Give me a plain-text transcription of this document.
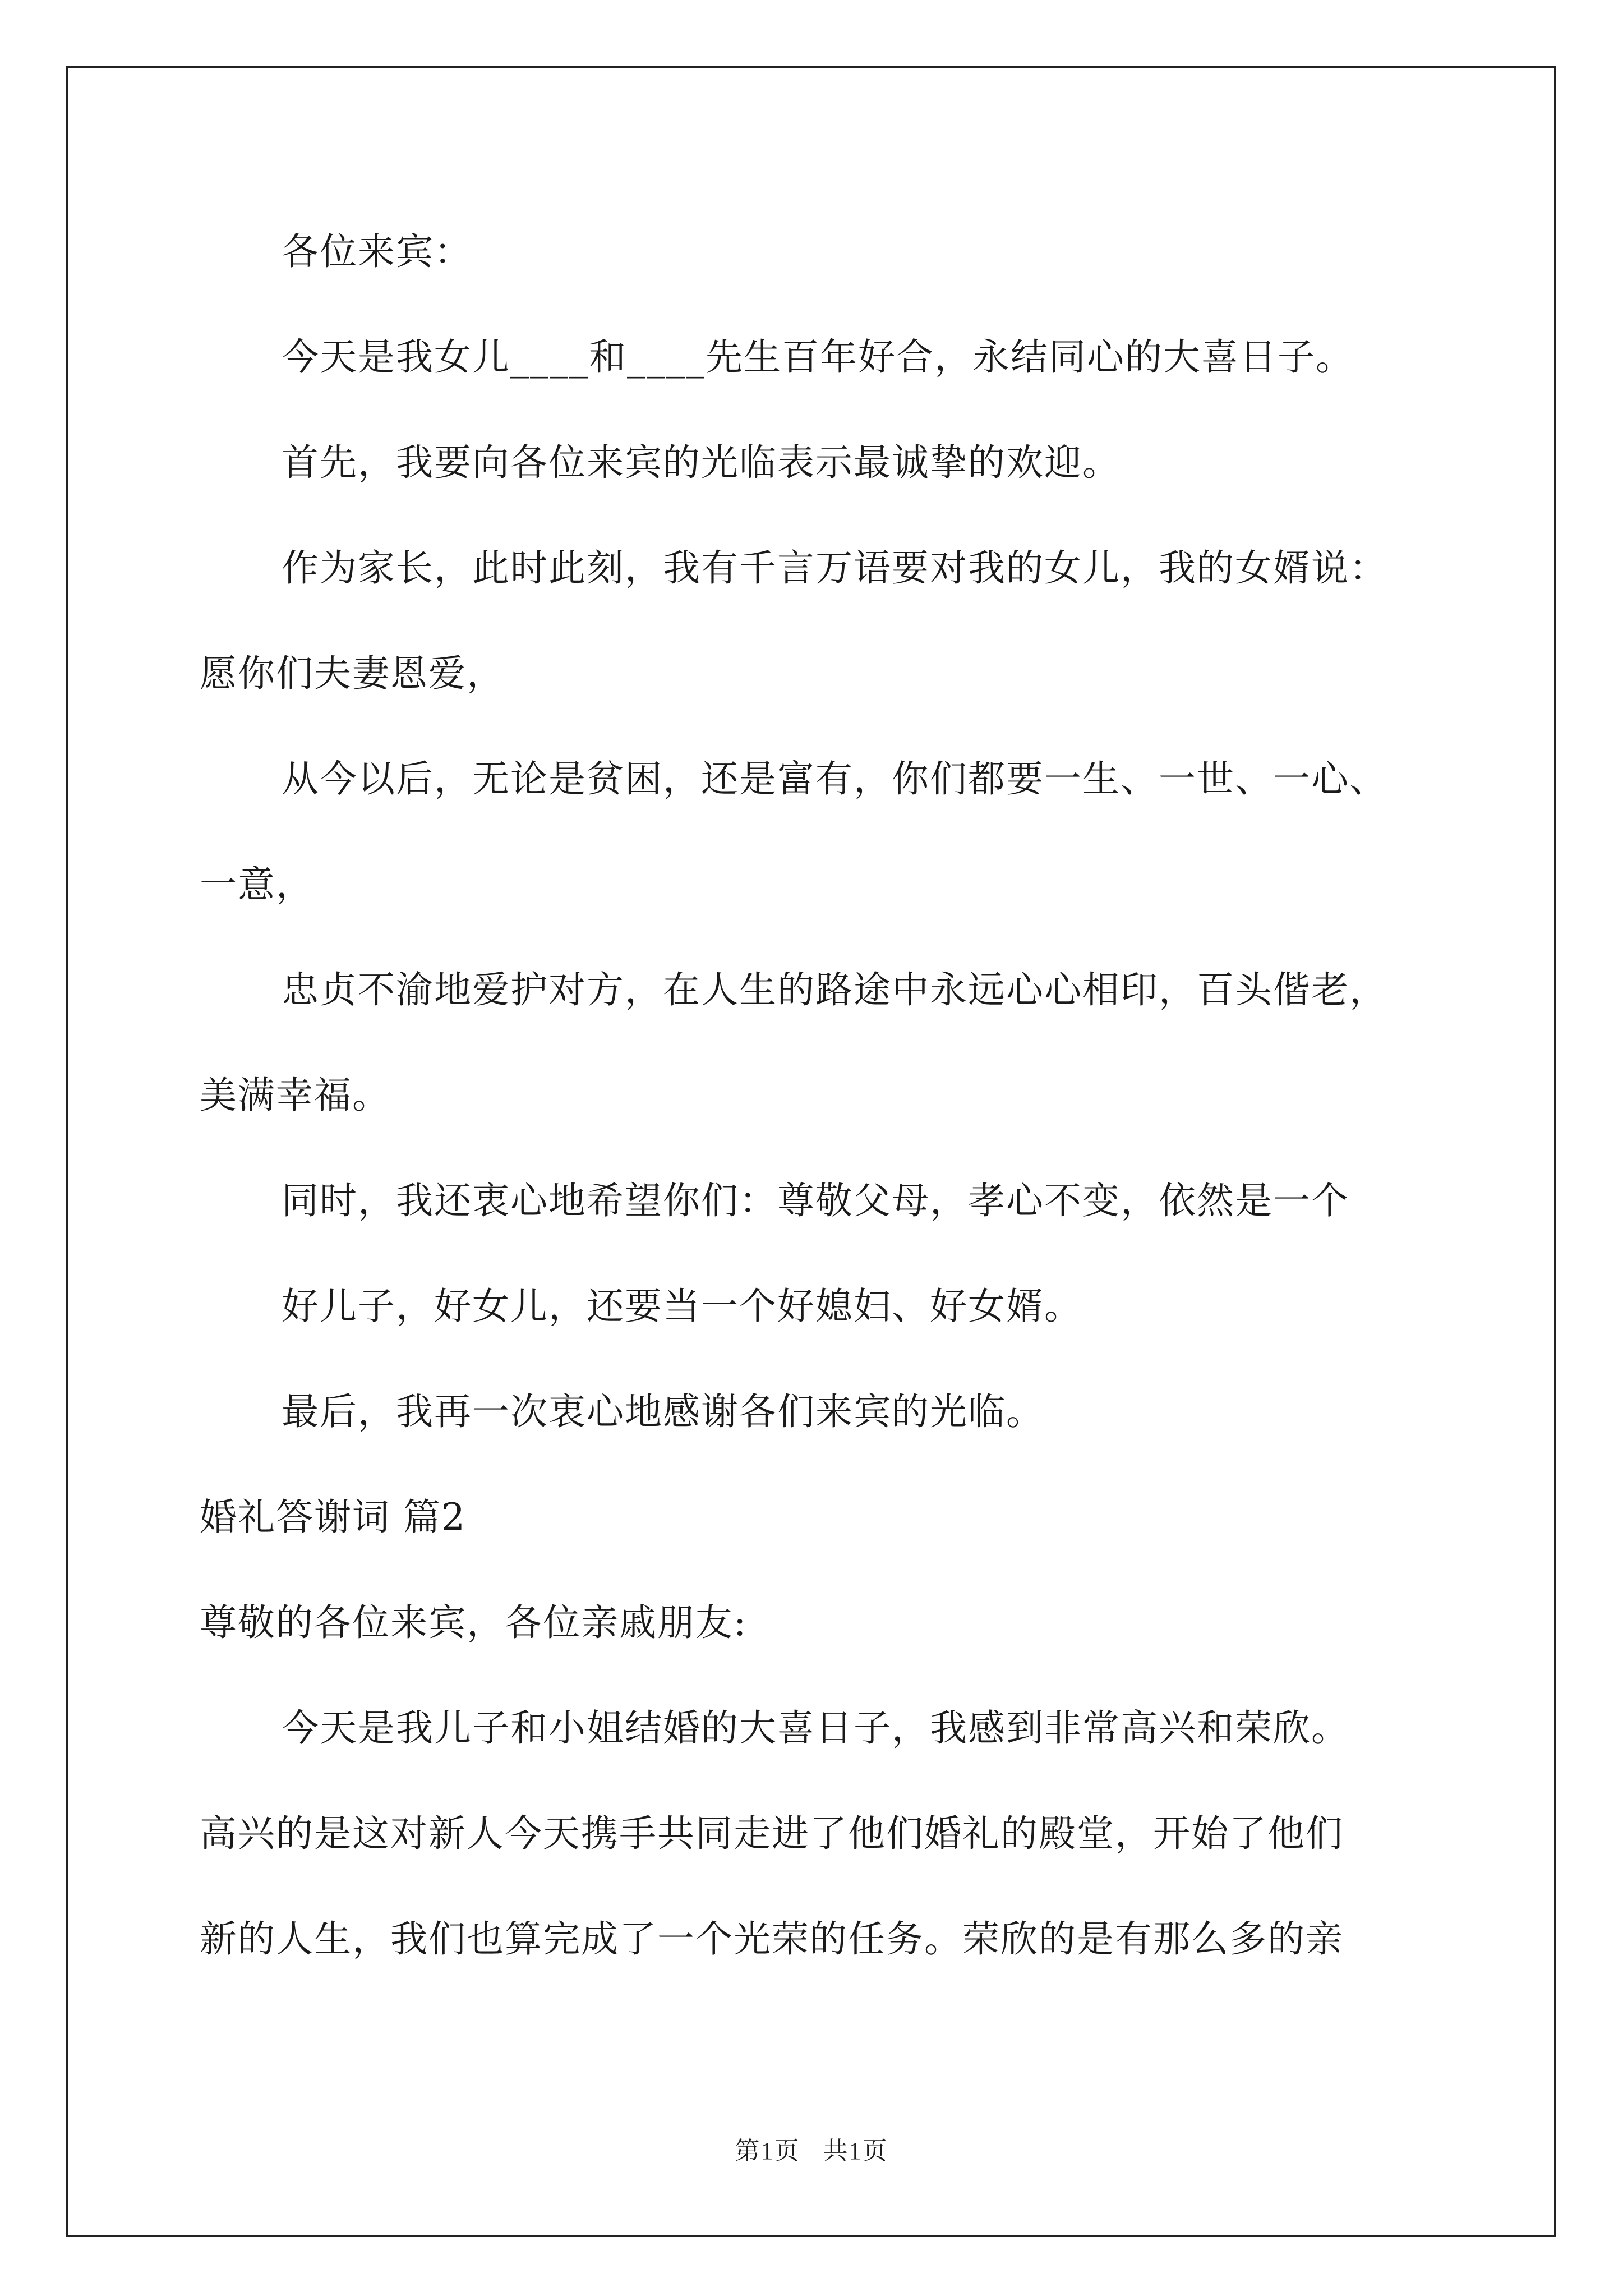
各位来宾：
今天是我女儿____和____先生百年好合，永结同心的大喜日子。
首先，我要向各位来宾的光临表示最诚挚的欢迎。
作为家长，此时此刻，我有千言万语要对我的女儿，我的女婿说：
愿你们夫妻恩爱，
从今以后，无论是贫困，还是富有，你们都要一生、一世、一心、
一意，
忠贞不渝地爱护对方，在人生的路途中永远心心相印，百头偕老，
美满幸福。
同时，我还衷心地希望你们：尊敬父母，孝心不变，依然是一个
好儿子，好女儿，还要当一个好媳妇、好女婿。
最后，我再一次衷心地感谢各们来宾的光临。
婚礼答谢词 篇2
尊敬的各位来宾，各位亲戚朋友:
今天是我儿子和小姐结婚的大喜日子，我感到非常高兴和荣欣。
高兴的是这对新人今天携手共同走进了他们婚礼的殿堂，开始了他们
新的人生，我们也算完成了一个光荣的任务。荣欣的是有那么多的亲
第1页 共1页
